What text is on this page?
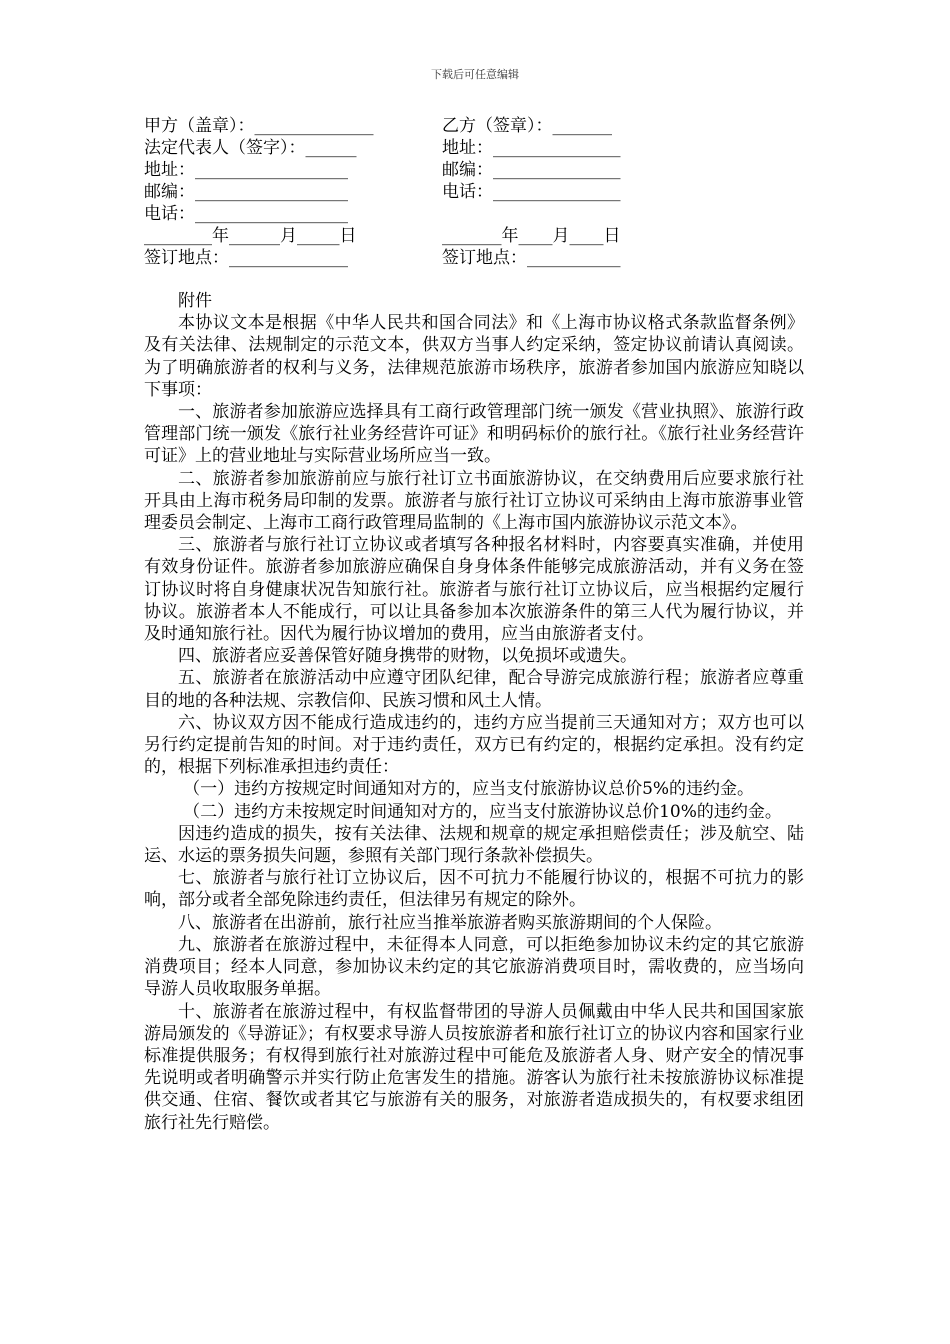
下载后可任意编辑
甲方（盖章）：______________	乙方（签章）：_______
法定代表人（签字）：______	地址：_______________
地址：__________________	邮编：_______________
邮编：__________________	电话：_______________
电话：__________________
________年______月_____日	_______年____月____日
签订地点：______________	签订地点：___________

附件

本协议文本是根据《中华人民共和国合同法》和《上海市协议格式条款监督条例》及有关法律、法规制定的示范文本，供双方当事人约定采纳，签定协议前请认真阅读。为了明确旅游者的权利与义务，法律规范旅游市场秩序，旅游者参加国内旅游应知晓以下事项：

一、旅游者参加旅游应选择具有工商行政管理部门统一颁发《营业执照》、旅游行政管理部门统一颁发《旅行社业务经营许可证》和明码标价的旅行社。《旅行社业务经营许可证》上的营业地址与实际营业场所应当一致。

二、旅游者参加旅游前应与旅行社订立书面旅游协议，在交纳费用后应要求旅行社开具由上海市税务局印制的发票。旅游者与旅行社订立协议可采纳由上海市旅游事业管理委员会制定、上海市工商行政管理局监制的《上海市国内旅游协议示范文本》。

三、旅游者与旅行社订立协议或者填写各种报名材料时，内容要真实准确，并使用有效身份证件。旅游者参加旅游应确保自身身体条件能够完成旅游活动，并有义务在签订协议时将自身健康状况告知旅行社。旅游者与旅行社订立协议后，应当根据约定履行协议。旅游者本人不能成行，可以让具备参加本次旅游条件的第三人代为履行协议，并及时通知旅行社。因代为履行协议增加的费用，应当由旅游者支付。

四、旅游者应妥善保管好随身携带的财物，以免损坏或遗失。

五、旅游者在旅游活动中应遵守团队纪律，配合导游完成旅游行程；旅游者应尊重目的地的各种法规、宗教信仰、民族习惯和风土人情。

六、协议双方因不能成行造成违约的，违约方应当提前三天通知对方；双方也可以另行约定提前告知的时间。对于违约责任，双方已有约定的，根据约定承担。没有约定的，根据下列标准承担违约责任：

（一）违约方按规定时间通知对方的，应当支付旅游协议总价5%的违约金。

（二）违约方未按规定时间通知对方的，应当支付旅游协议总价10%的违约金。

因违约造成的损失，按有关法律、法规和规章的规定承担赔偿责任；涉及航空、陆运、水运的票务损失问题，参照有关部门现行条款补偿损失。

七、旅游者与旅行社订立协议后，因不可抗力不能履行协议的，根据不可抗力的影响，部分或者全部免除违约责任，但法律另有规定的除外。

八、旅游者在出游前，旅行社应当推举旅游者购买旅游期间的个人保险。

九、旅游者在旅游过程中，未征得本人同意，可以拒绝参加协议未约定的其它旅游消费项目；经本人同意，参加协议未约定的其它旅游消费项目时，需收费的，应当场向导游人员收取服务单据。

十、旅游者在旅游过程中，有权监督带团的导游人员佩戴由中华人民共和国国家旅游局颁发的《导游证》；有权要求导游人员按旅游者和旅行社订立的协议内容和国家行业标准提供服务；有权得到旅行社对旅游过程中可能危及旅游者人身、财产安全的情况事先说明或者明确警示并实行防止危害发生的措施。游客认为旅行社未按旅游协议标准提供交通、住宿、餐饮或者其它与旅游有关的服务，对旅游者造成损失的，有权要求组团旅行社先行赔偿。
